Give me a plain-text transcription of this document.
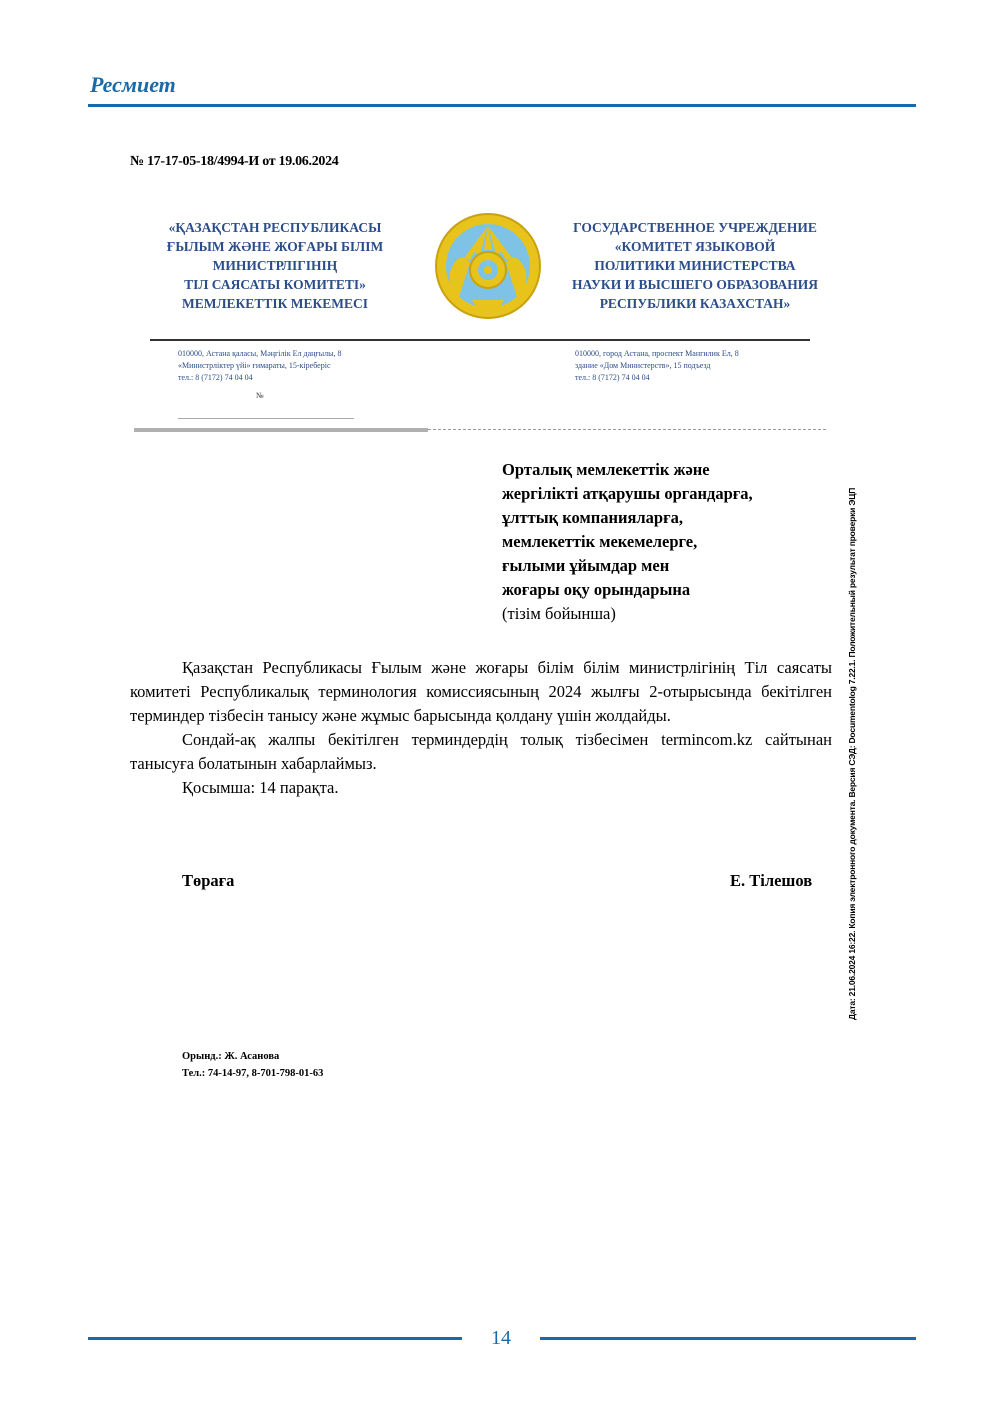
Ресмиет
№ 17-17-05-18/4994-И от 19.06.2024
«ҚАЗАҚСТАН РЕСПУБЛИКАСЫ
ҒЫЛЫМ ЖӘНЕ ЖОҒАРЫ БІЛІМ
МИНИСТРЛІГІНІҢ
ТІЛ САЯСАТЫ КОМИТЕТІ»
МЕМЛЕКЕТТІК МЕКЕМЕСІ
ГОСУДАРСТВЕННОЕ УЧРЕЖДЕНИЕ
«КОМИТЕТ ЯЗЫКОВОЙ
ПОЛИТИКИ МИНИСТЕРСТВА
НАУКИ И ВЫСШЕГО ОБРАЗОВАНИЯ
РЕСПУБЛИКИ КАЗАХСТАН»
010000, Астана қаласы, Мәңгілік Ел даңғылы, 8
«Министрліктер үйі» ғимараты, 15-кіреберіс
тел.: 8 (7172) 74 04 04
010000, город Астана, проспект Мангилик Ел, 8
здание «Дом Министерств», 15 подъезд
тел.: 8 (7172) 74 04 04
№
Дата: 21.06.2024 16:22. Копия электронного документа. Версия СЭД: Documentolog 7.22.1. Положительный результат проверки ЭЦП
Орталық мемлекеттік және
жергілікті атқарушы органдарға,
ұлттық компанияларға,
мемлекеттік мекемелерге,
ғылыми ұйымдар мен
жоғары оқу орындарына
(тізім бойынша)

Қазақстан Республикасы Ғылым және жоғары білім білім министрлігінің Тіл саясаты комитеті Республикалық терминология комиссиясының 2024 жылғы 2-отырысында бекітілген терминдер тізбесін танысу және жұмыс барысында қолдану үшін жолдайды.

Сондай-ақ жалпы бекітілген терминдердің толық тізбесімен termincom.kz сайтынан танысуға болатынын хабарлаймыз.

Қосымша: 14 парақта.

Төраға	Е. Тілешов
Орынд.: Ж. Асанова
Тел.: 74-14-97, 8-701-798-01-63
14
